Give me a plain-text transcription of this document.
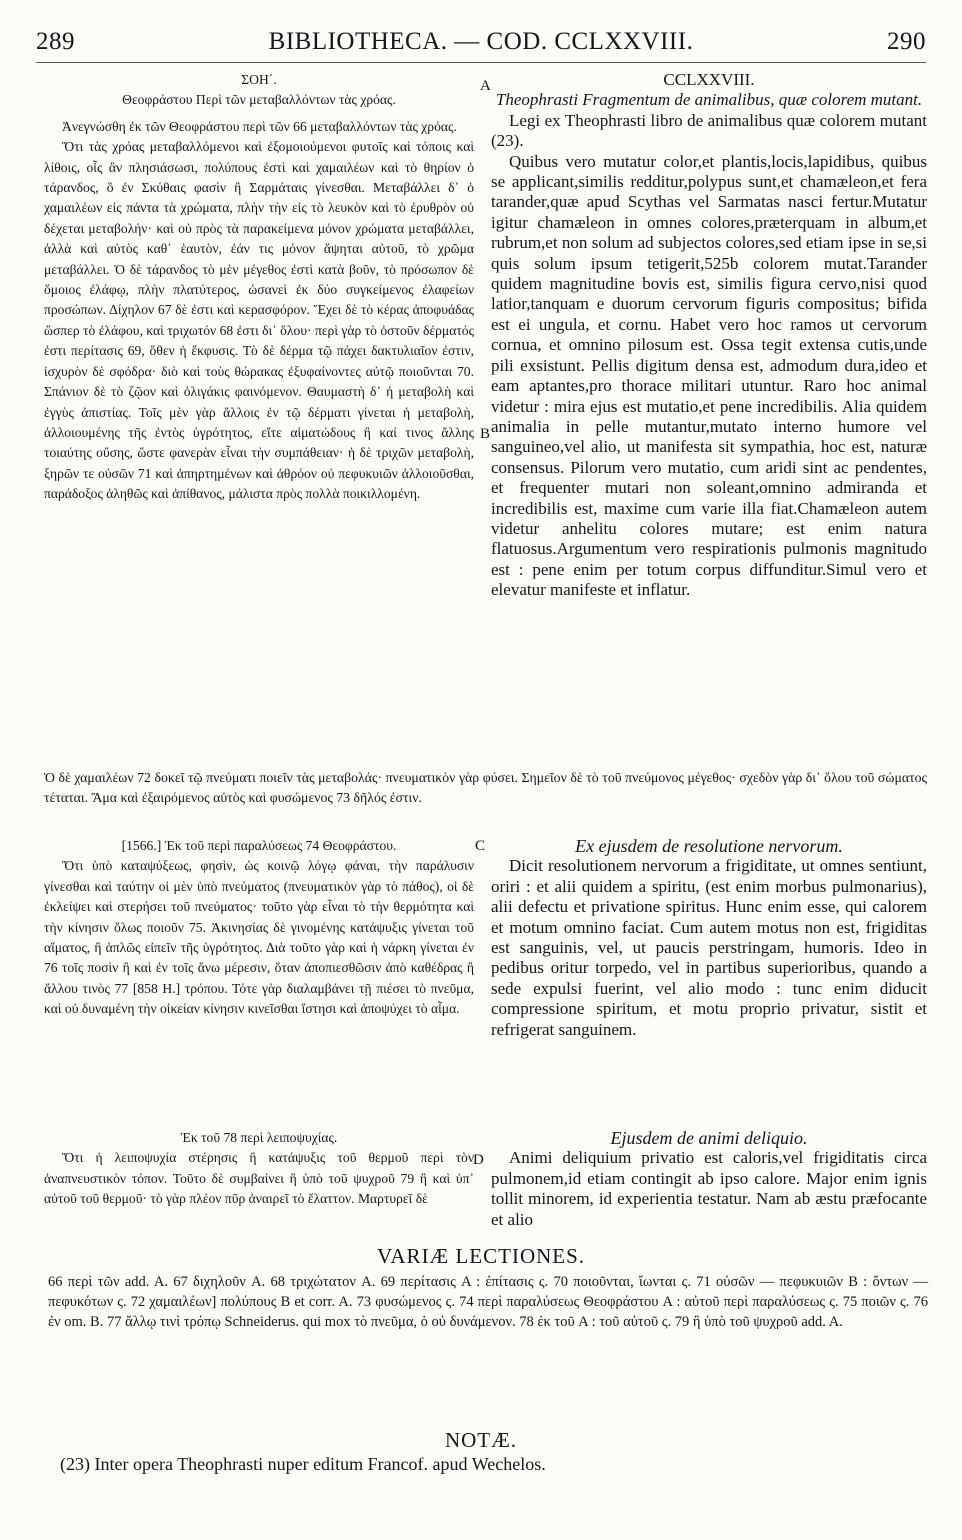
289	BIBLIOTHECA. — COD. CCLXXVIII.	290

ΣΟΗ΄.

Θεοφράστου Περὶ τῶν μεταβαλλόντων τὰς χρόας.

Ἀνεγνώσθη ἐκ τῶν Θεοφράστου περὶ τῶν 66 μεταβαλλόντων τὰς χρόας.

Ὅτι τὰς χρόας μεταβαλλόμενοι καὶ ἐξομοιούμενοι φυτοῖς καὶ τόποις καὶ λίθοις, οἷς ἂν πλησιάσωσι, πολύπους ἐστὶ καὶ χαμαιλέων καὶ τὸ θηρίον ὁ τάρανδος, ὃ ἐν Σκύθαις φασὶν ἢ Σαρμάταις γίνεσθαι. Μεταβάλλει δ᾽ ὁ χαμαιλέων εἰς πάντα τὰ χρώματα, πλὴν τὴν εἰς τὸ λευκὸν καὶ τὸ ἐρυθρὸν οὐ δέχεται μεταβολήν· καὶ οὐ πρὸς τὰ παρακείμενα μόνον χρώματα μεταβάλλει, ἀλλὰ καὶ αὐτὸς καθ᾽ ἑαυτὸν, ἐάν τις μόνον ἅψηται αὐτοῦ, τὸ χρῶμα μεταβάλλει. Ὁ δὲ τάρανδος τὸ μὲν μέγεθος ἐστὶ κατὰ βοῦν, τὸ πρόσωπον δὲ ὅμοιος ἐλάφῳ, πλὴν πλατύτερος, ὡσανεὶ ἐκ δύο συγκείμενος ἐλαφείων προσώπων. Δίχηλον 67 δὲ ἐστι καὶ κερασφόρον. Ἔχει δὲ τὸ κέρας ἀποφυάδας ὥσπερ τὸ ἐλάφου, καὶ τριχωτόν 68 ἐστι δι᾽ ὅλου· περὶ γὰρ τὸ ὀστοῦν δέρματός ἐστι περίτασις 69, ὅθεν ἡ ἔκφυσις. Τὸ δὲ δέρμα τῷ πάχει δακτυλιαῖον ἐστιν, ἰσχυρὸν δὲ σφόδρα· διὸ καὶ τοὺς θώρακας ἐξυφαίνοντες αὐτῷ ποιοῦνται 70. Σπάνιον δὲ τὸ ζῷον καὶ ὀλιγάκις φαινόμενον. Θαυμαστὴ δ᾽ ἡ μεταβολὴ καὶ ἐγγὺς ἀπιστίας. Τοῖς μὲν γὰρ ἄλλοις ἐν τῷ δέρματι γίνεται ἡ μεταβολὴ, ἀλλοιουμένης τῆς ἐντὸς ὑγρότητος, εἴτε αἱματώδους ἢ καί τινος ἄλλης τοιαύτης οὔσης, ὥστε φανερὰν εἶναι τὴν συμπάθειαν· ἡ δὲ τριχῶν μεταβολὴ, ξηρῶν τε οὐσῶν 71 καὶ ἀπηρτημένων καὶ ἀθρόον οὐ πεφυκυιῶν ἀλλοιοῦσθαι, παράδοξος ἀληθῶς καὶ ἀπίθανος, μάλιστα πρὸς πολλὰ ποικιλλομένη.

CCLXXVIII.

Theophrasti Fragmentum de animalibus, quæ colorem mutant.

Legi ex Theophrasti libro de animalibus quæ colorem mutant (23).

Quibus vero mutatur color,et plantis,locis,lapidibus, quibus se applicant,similis redditur,polypus sunt,et chamæleon,et fera tarander,quæ apud Scythas vel Sarmatas nasci fertur.Mutatur igitur chamæleon in omnes colores,præterquam in album,et rubrum,et non solum ad subjectos colores,sed etiam ipse in se,si quis solum ipsum tetigerit,525b colorem mutat.Tarander quidem magnitudine bovis est, similis figura cervo,nisi quod latior,tanquam e duorum cervorum figuris compositus; bifida est ei ungula, et cornu. Habet vero hoc ramos ut cervorum cornua, et omnino pilosum est. Ossa tegit extensa cutis,unde pili exsistunt. Pellis digitum densa est, admodum dura,ideo et eam aptantes,pro thorace militari utuntur. Raro hoc animal videtur : mira ejus est mutatio,et pene incredibilis. Alia quidem animalia in pelle mutantur,mutato interno humore vel sanguineo,vel alio, ut manifesta sit sympathia, hoc est, naturæ consensus. Pilorum vero mutatio, cum aridi sint ac pendentes, et frequenter mutari non soleant,omnino admiranda et incredibilis est, maxime cum varie illa fiat.Chamæleon autem videtur anhelitu colores mutare; est enim natura flatuosus.Argumentum vero respirationis pulmonis magnitudo est : pene enim per totum corpus diffunditur.Simul vero et elevatur manifeste et inflatur.

A
B
Ὁ δὲ χαμαιλέων 72 δοκεῖ τῷ πνεύματι ποιεῖν τὰς μεταβολάς· πνευματικὸν γὰρ φύσει. Σημεῖον δὲ τὸ τοῦ πνεύμονος μέγεθος· σχεδὸν γὰρ δι᾽ ὅλου τοῦ σώματος τέταται. Ἅμα καὶ ἐξαιρόμενος αὐτὸς καὶ φυσώμενος 73 δῆλός ἐστιν.

[1566.] Ἐκ τοῦ περὶ παραλύσεως 74 Θεοφράστου.

Ὅτι ὑπὸ καταψύξεως, φησὶν, ὡς κοινῷ λόγῳ φάναι, τὴν παράλυσιν γίνεσθαι καὶ ταύτην οἱ μὲν ὑπὸ πνεύματος (πνευματικὸν γὰρ τὸ πάθος), οἱ δὲ ἐκλείψει καὶ στερήσει τοῦ πνεύματος· τοῦτο γὰρ εἶναι τὸ τὴν θερμότητα καὶ τὴν κίνησιν ὅλως ποιοῦν 75. Ἀκινησίας δὲ γινομένης κατάψυξις γίνεται τοῦ αἵματος, ἢ ἁπλῶς εἰπεῖν τῆς ὑγρότητος. Διὰ τοῦτο γὰρ καὶ ἡ νάρκη γίνεται ἐν 76 τοῖς ποσὶν ἢ καὶ ἐν τοῖς ἄνω μέρεσιν, ὅταν ἀποπιεσθῶσιν ἀπὸ καθέδρας ἢ ἄλλου τινὸς 77 [858 H.] τρόπου. Τότε γὰρ διαλαμβάνει τῇ πιέσει τὸ πνεῦμα, καὶ οὐ δυναμένη τὴν οἰκείαν κίνησιν κινεῖσθαι ἵστησι καὶ ἀποψύχει τὸ αἷμα.

Ex ejusdem de resolutione nervorum.

Dicit resolutionem nervorum a frigiditate, ut omnes sentiunt, oriri : et alii quidem a spiritu, (est enim morbus pulmonarius), alii defectu et privatione spiritus. Hunc enim esse, qui calorem et motum omnino faciat. Cum autem motus non est, frigiditas est sanguinis, vel, ut paucis perstringam, humoris. Ideo in pedibus oritur torpedo, vel in partibus superioribus, quando a sede expulsi fuerint, vel alio modo : tunc enim diducit compressione spiritum, et motu proprio privatur, sistit et refrigerat sanguinem.

C

Ἐκ τοῦ 78 περὶ λειποψυχίας.

Ὅτι ἡ λειποψυχία στέρησις ἢ κατάψυξις τοῦ θερμοῦ περὶ τὸν ἀναπνευστικὸν τόπον. Τοῦτο δὲ συμβαίνει ἢ ὑπὸ τοῦ ψυχροῦ 79 ἢ καὶ ὑπ᾽ αὐτοῦ τοῦ θερμοῦ· τὸ γὰρ πλέον πῦρ ἀναιρεῖ τὸ ἔλαττον. Μαρτυρεῖ δὲ

Ejusdem de animi deliquio.

Animi deliquium privatio est caloris,vel frigiditatis circa pulmonem,id etiam contingit ab ipso calore. Major enim ignis tollit minorem, id experientia testatur. Nam ab æstu præfocante et alio

D
VARIÆ LECTIONES.
66 περὶ τῶν add. A. 67 διχηλοῦν A. 68 τριχώτατον A. 69 περίτασις A : ἐπίτασις ς. 70 ποιοῦνται, ἴωνται ς. 71 οὐσῶν — πεφυκυιῶν B : ὄντων — πεφυκότων ς. 72 χαμαιλέων] πολύπους B et corr. A. 73 φυσώμενος ς. 74 περὶ παραλύσεως Θεοφράστου A : αὐτοῦ περὶ παραλύσεως ς. 75 ποιῶν ς. 76 ἐν om. B. 77 ἄλλῳ τινὶ τρόπῳ Schneiderus. qui mox τὸ πνεῦμα, ὁ οὐ δυνάμενον. 78 ἐκ τοῦ A : τοῦ αὐτοῦ ς. 79 ἢ ὑπὸ τοῦ ψυχροῦ add. A.
NOTÆ.
(23) Inter opera Theophrasti nuper editum Francof. apud Wechelos.
